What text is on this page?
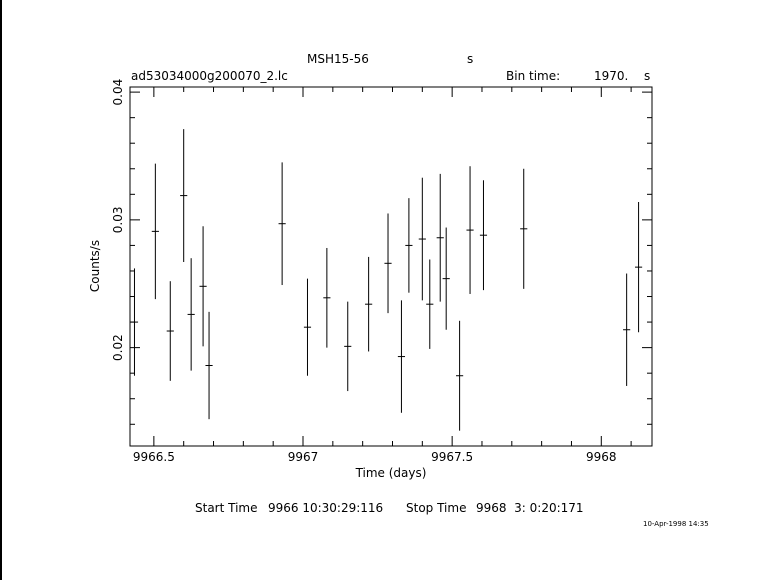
MSH15-56	s
ad53034000g200070_2.lc	Bin time:	1970. s
Time (days)
Counts/s
9966.5	9967	9967.5	9968
0.02
0.03
0.04
Start Time 9966 10:30:29:116 Stop Time 9968  3: 0:20:171
10-Apr-1998 14:35
